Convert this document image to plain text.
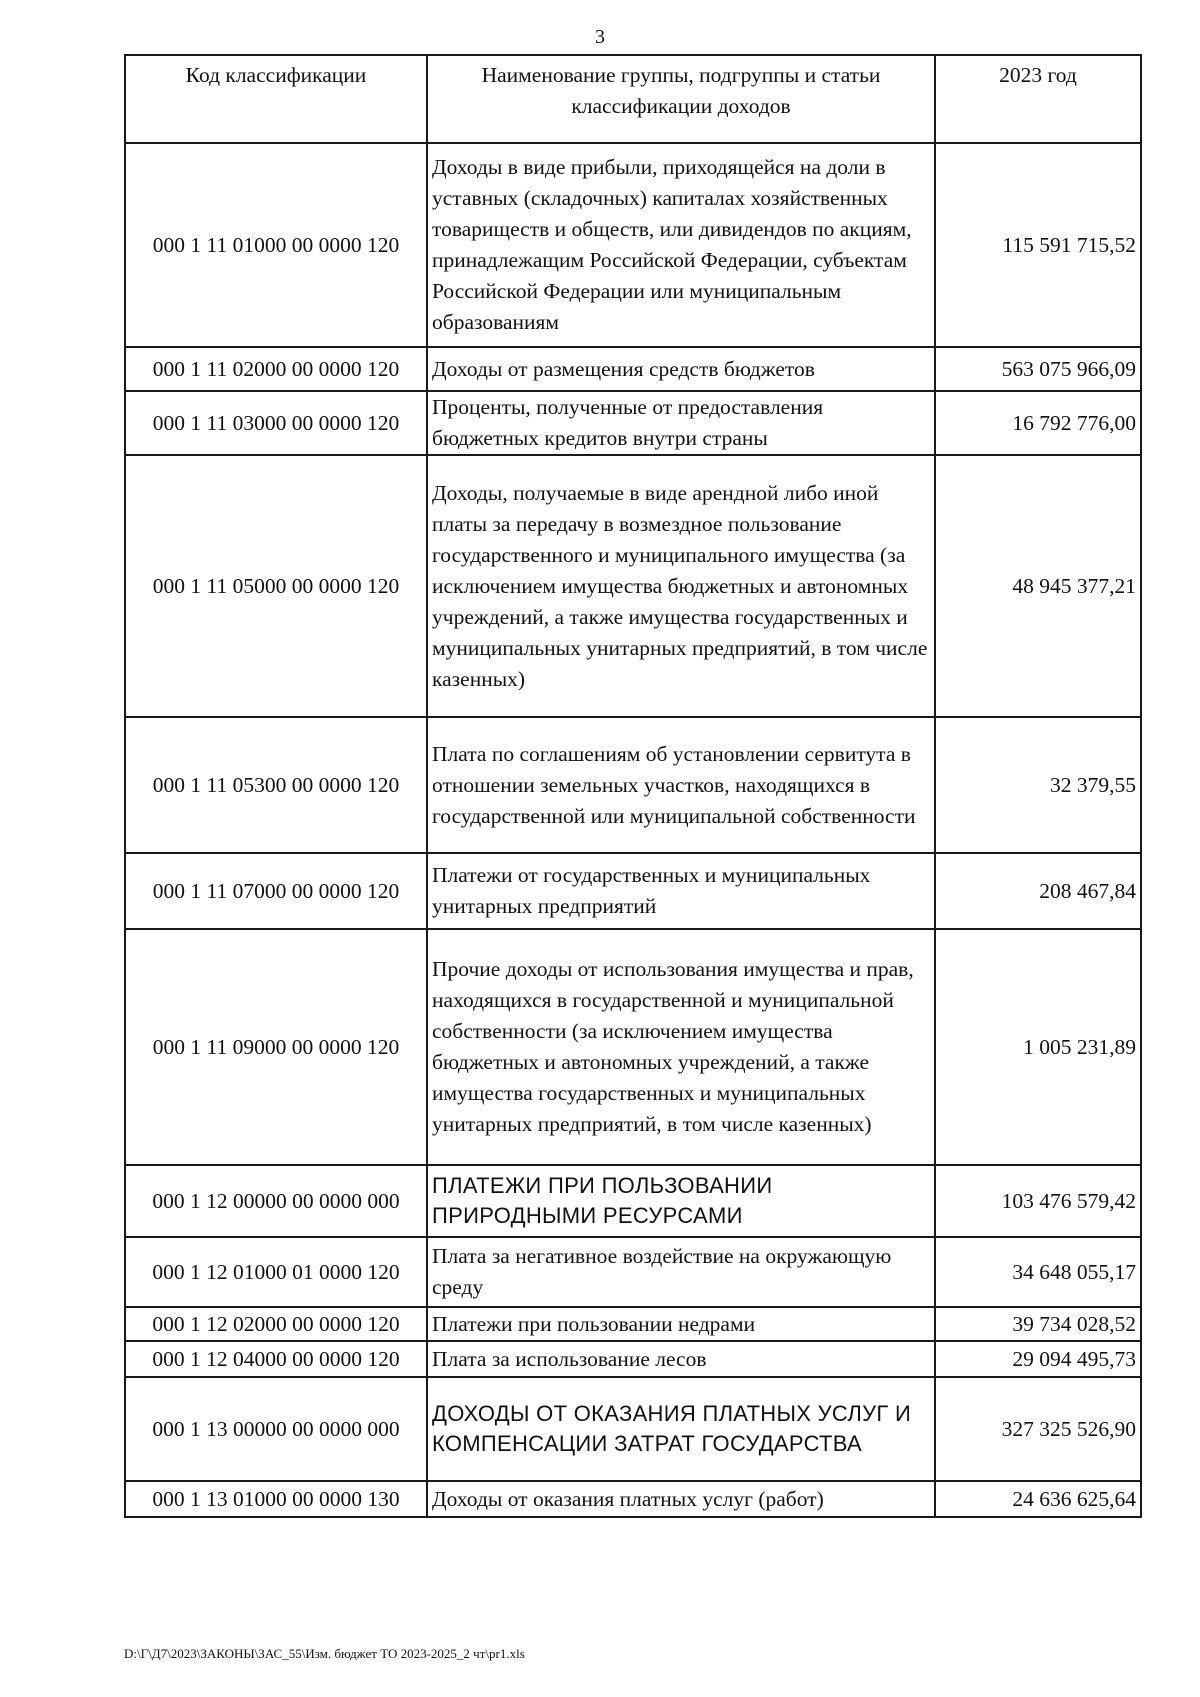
3
Код классификации	Наименование группы, подгруппы и статьи классификации доходов	2023 год
000 1 11 01000 00 0000 120	Доходы в виде прибыли, приходящейся на доли в уставных (складочных) капиталах хозяйственных товариществ и обществ, или дивидендов по акциям, принадлежащим Российской Федерации, субъектам Российской Федерации или муниципальным образованиям	115 591 715,52
000 1 11 02000 00 0000 120	Доходы от размещения средств бюджетов	563 075 966,09
000 1 11 03000 00 0000 120	Проценты, полученные от предоставления бюджетных кредитов внутри страны	16 792 776,00
000 1 11 05000 00 0000 120	Доходы, получаемые в виде арендной либо иной платы за передачу в возмездное пользование государственного и муниципального имущества (за исключением имущества бюджетных и автономных учреждений, а также имущества государственных и муниципальных унитарных предприятий, в том числе казенных)	48 945 377,21
000 1 11 05300 00 0000 120	Плата по соглашениям об установлении сервитута в отношении земельных участков, находящихся в государственной или муниципальной собственности	32 379,55
000 1 11 07000 00 0000 120	Платежи от государственных и муниципальных унитарных предприятий	208 467,84
000 1 11 09000 00 0000 120	Прочие доходы от использования имущества и прав, находящихся в государственной и муниципальной собственности (за исключением имущества бюджетных и автономных учреждений, а также имущества государственных и муниципальных унитарных предприятий, в том числе казенных)	1 005 231,89
000 1 12 00000 00 0000 000	ПЛАТЕЖИ ПРИ ПОЛЬЗОВАНИИ ПРИРОДНЫМИ РЕСУРСАМИ	103 476 579,42
000 1 12 01000 01 0000 120	Плата за негативное воздействие на окружающую среду	34 648 055,17
000 1 12 02000 00 0000 120	Платежи при пользовании недрами	39 734 028,52
000 1 12 04000 00 0000 120	Плата за использование лесов	29 094 495,73
000 1 13 00000 00 0000 000	ДОХОДЫ ОТ ОКАЗАНИЯ ПЛАТНЫХ УСЛУГ И КОМПЕНСАЦИИ ЗАТРАТ ГОСУДАРСТВА	327 325 526,90
000 1 13 01000 00 0000 130	Доходы от оказания платных услуг (работ)	24 636 625,64
D:\Г\Д7\2023\ЗАКОНЫ\ЗАС_55\Изм. бюджет ТО 2023-2025_2 чт\pr1.xls
